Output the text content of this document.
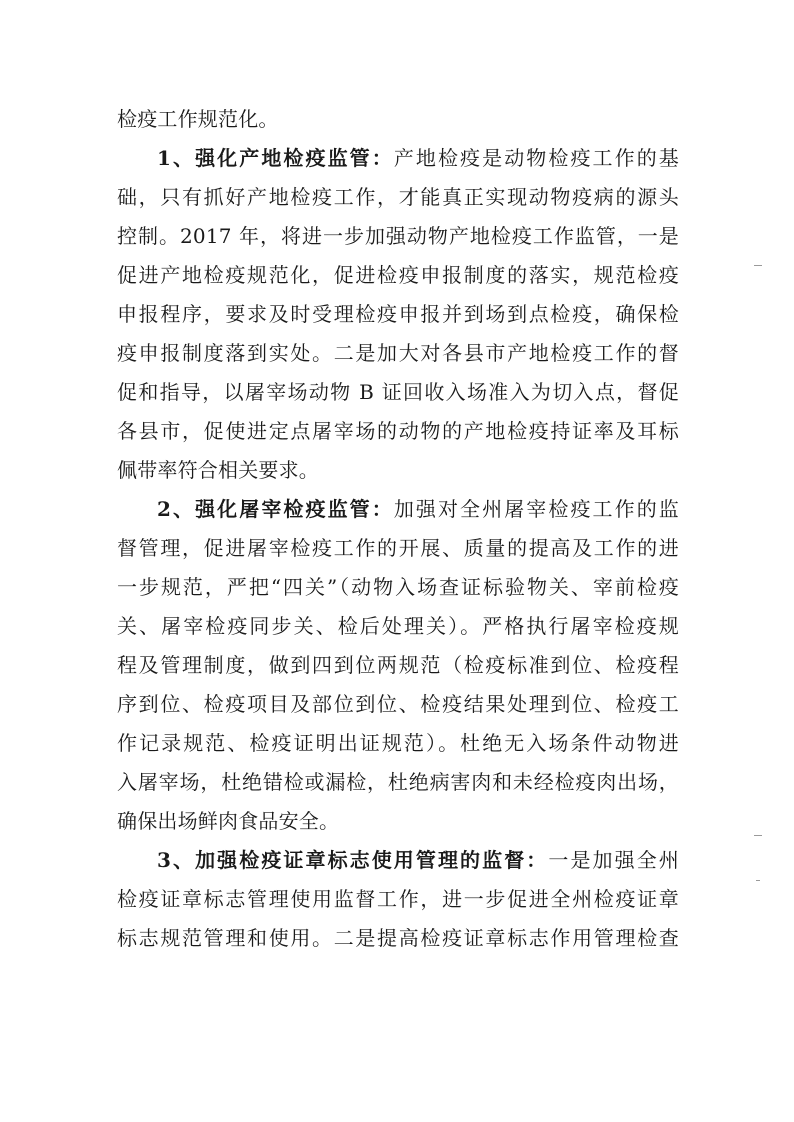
检疫工作规范化。
1、强化产地检疫监管：产地检疫是动物检疫工作的基
础，只有抓好产地检疫工作，才能真正实现动物疫病的源头
控制。2017 年，将进一步加强动物产地检疫工作监管，一是
促进产地检疫规范化，促进检疫申报制度的落实，规范检疫
申报程序，要求及时受理检疫申报并到场到点检疫，确保检
疫申报制度落到实处。二是加大对各县市产地检疫工作的督
促和指导，以屠宰场动物 B 证回收入场准入为切入点，督促
各县市，促使进定点屠宰场的动物的产地检疫持证率及耳标
佩带率符合相关要求。
2、强化屠宰检疫监管：加强对全州屠宰检疫工作的监
督管理，促进屠宰检疫工作的开展、质量的提高及工作的进
一步规范，严把“四关”（动物入场查证标验物关、宰前检疫
关、屠宰检疫同步关、检后处理关）。严格执行屠宰检疫规
程及管理制度，做到四到位两规范（检疫标准到位、检疫程
序到位、检疫项目及部位到位、检疫结果处理到位、检疫工
作记录规范、检疫证明出证规范）。杜绝无入场条件动物进
入屠宰场，杜绝错检或漏检，杜绝病害肉和未经检疫肉出场，
确保出场鲜肉食品安全。
3、加强检疫证章标志使用管理的监督：一是加强全州
检疫证章标志管理使用监督工作，进一步促进全州检疫证章
标志规范管理和使用。二是提高检疫证章标志作用管理检查
